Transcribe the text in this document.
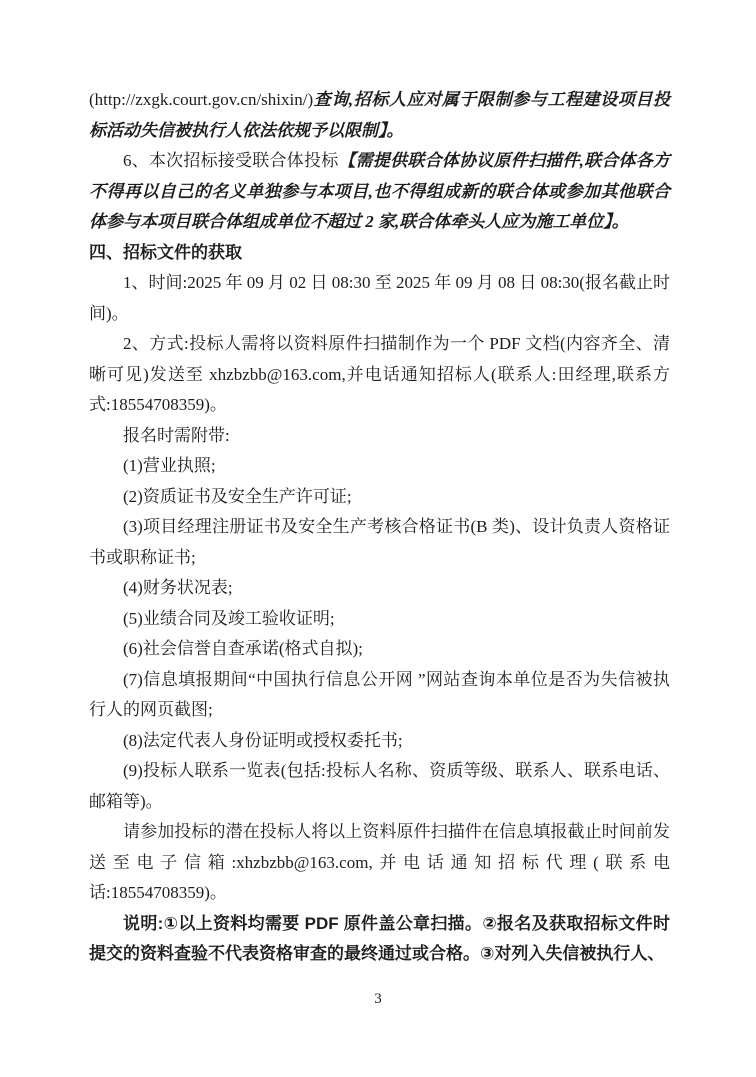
(http://zxgk.court.gov.cn/shixin/)查询,招标人应对属于限制参与工程建设项目投标活动失信被执行人依法依规予以限制】。

6、本次招标接受联合体投标【需提供联合体协议原件扫描件,联合体各方不得再以自己的名义单独参与本项目,也不得组成新的联合体或参加其他联合体参与本项目联合体组成单位不超过 2 家,联合体牵头人应为施工单位】。

四、招标文件的获取

1、时间:2025 年 09 月 02 日 08:30 至 2025 年 09 月 08 日 08:30(报名截止时间)。

2、方式:投标人需将以资料原件扫描制作为一个 PDF 文档(内容齐全、清晰可见)发送至 xhzbzbb@163.com,并电话通知招标人(联系人:田经理,联系方式:18554708359)。

报名时需附带:

(1)营业执照;

(2)资质证书及安全生产许可证;

(3)项目经理注册证书及安全生产考核合格证书(B 类)、设计负责人资格证书或职称证书;

(4)财务状况表;

(5)业绩合同及竣工验收证明;

(6)社会信誉自查承诺(格式自拟);

(7)信息填报期间“中国执行信息公开网 ”网站查询本单位是否为失信被执行人的网页截图;

(8)法定代表人身份证明或授权委托书;

(9)投标人联系一览表(包括:投标人名称、资质等级、联系人、联系电话、邮箱等)。

请参加投标的潜在投标人将以上资料原件扫描件在信息填报截止时间前发送至电子信箱:xhzbzbb@163.com,并电话通知招标代理(联系电话:18554708359)。

说明:①以上资料均需要 PDF 原件盖公章扫描。②报名及获取招标文件时提交的资料查验不代表资格审查的最终通过或合格。③对列入失信被执行人、

3
